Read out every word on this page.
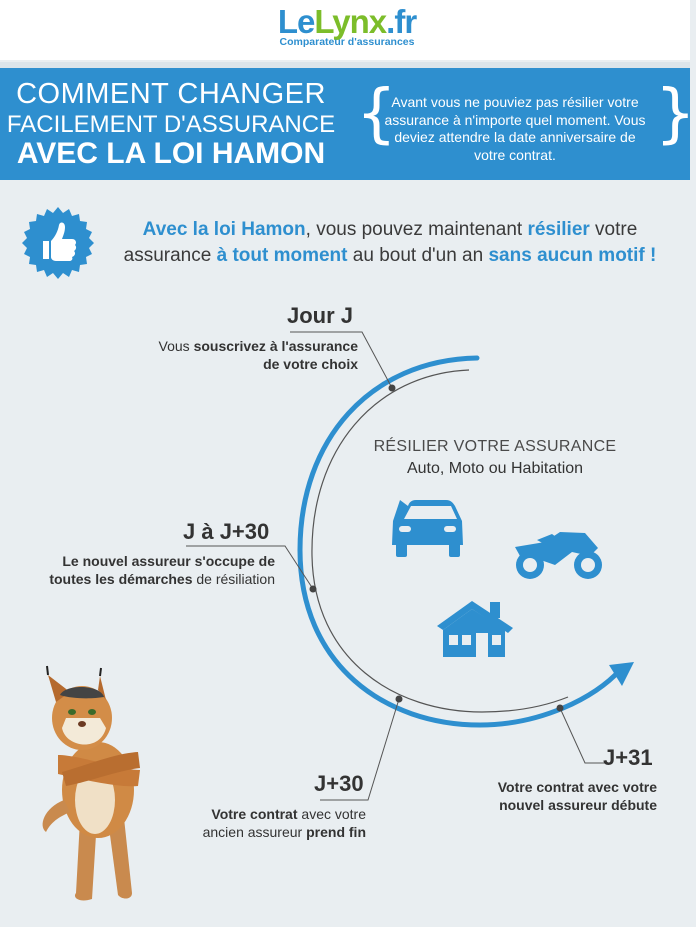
LeLynx.fr
Comparateur d'assurances
COMMENT CHANGER
FACILEMENT D'ASSURANCE
AVEC LA LOI HAMON
{
Avant vous ne pouviez pas résilier votre assurance à n'importe quel moment. Vous deviez attendre la date anniversaire de votre contrat.
}
Avec la loi Hamon, vous pouvez maintenant résilier votre assurance à tout moment au bout d'un an sans aucun motif !
RÉSILIER VOTRE ASSURANCE
Auto, Moto ou Habitation
Jour J
Vous souscrivez à l'assurance
de votre choix
J à J+30
Le nouvel assureur s'occupe de
toutes les démarches de résiliation
J+30
Votre contrat avec votre
ancien assureur prend fin
J+31
Votre contrat avec votre
nouvel assureur débute
